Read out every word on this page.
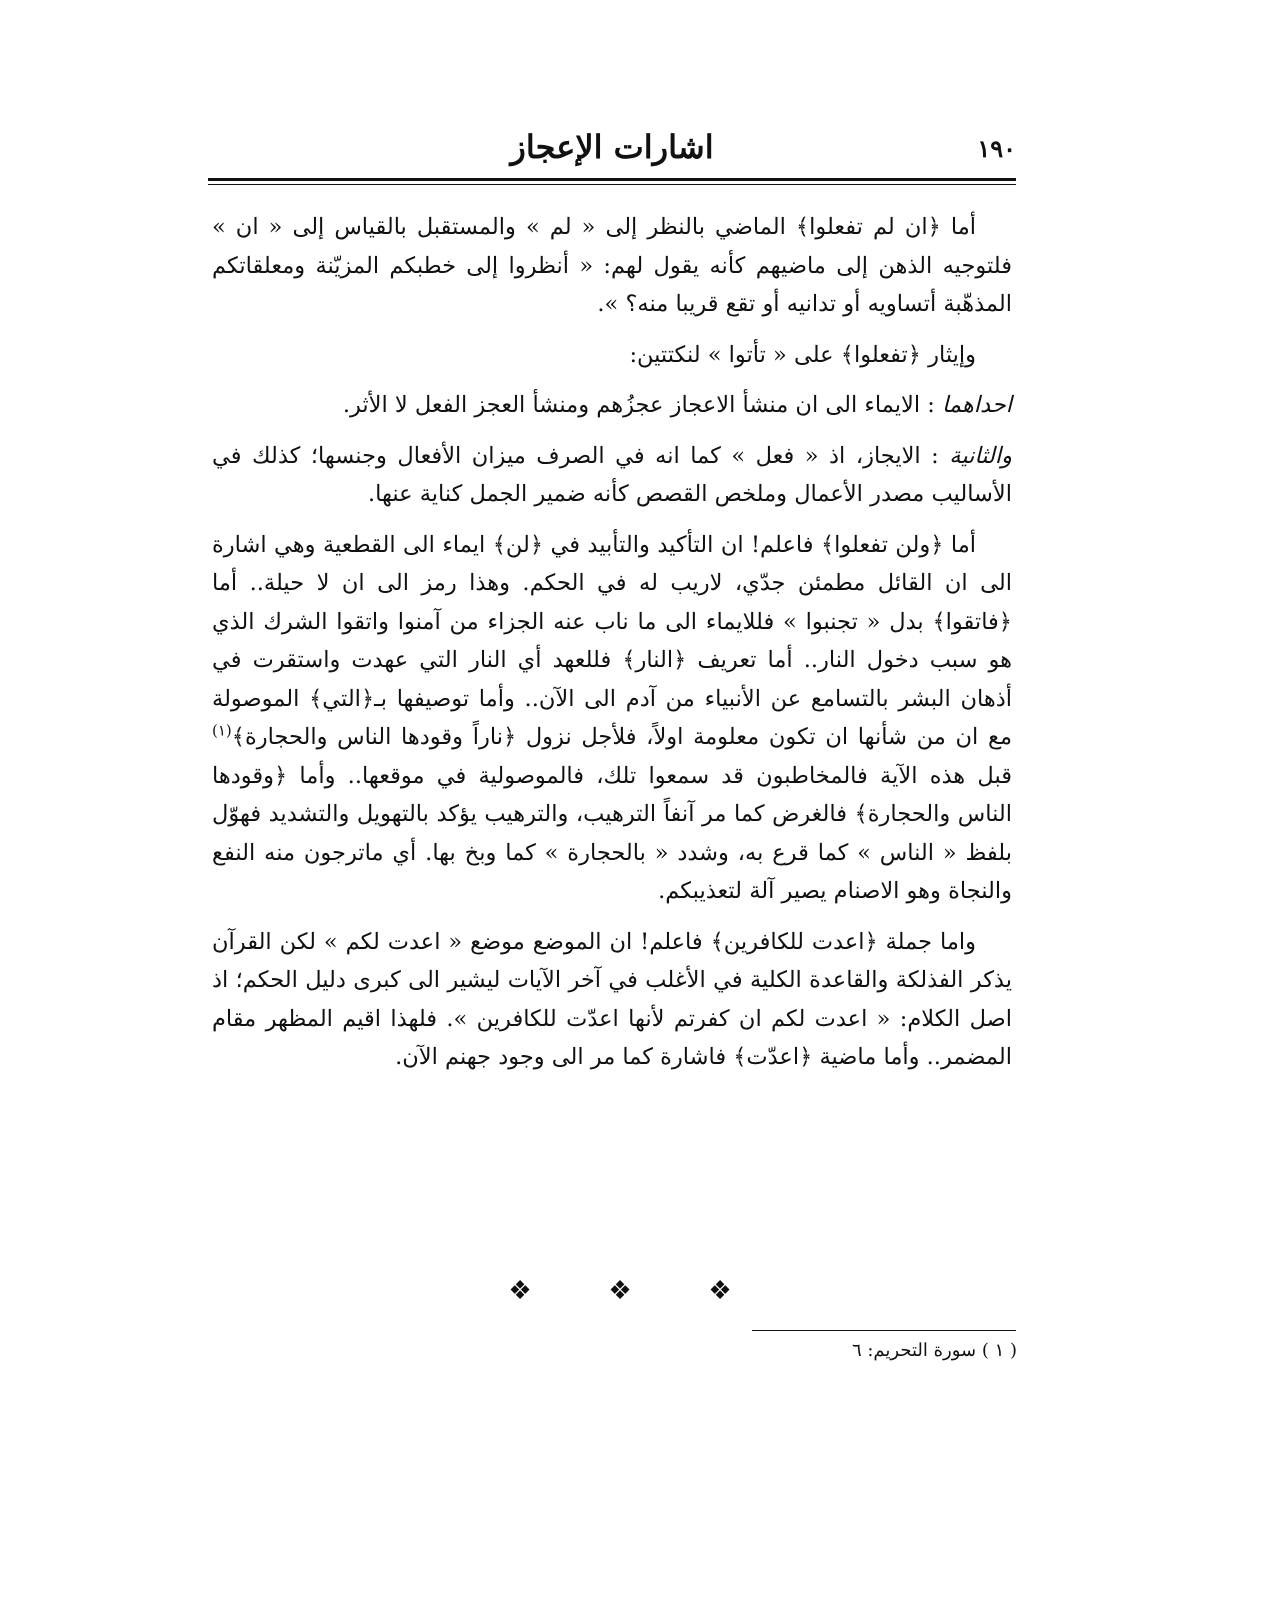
١٩٠
اشارات الإعجاز

أما ﴿ان لم تفعلوا﴾ الماضي بالنظر إلى « لم » والمستقبل بالقياس إلى « ان » فلتوجيه الذهن إلى ماضيهم كأنه يقول لهم: « أنظروا إلى خطبكم المزيّنة ومعلقاتكم المذهّبة أتساويه أو تدانيه أو تقع قريبا منه؟ ».

وإيثار ﴿تفعلوا﴾ على « تأتوا » لنكتتين:

احداهما : الايماء الى ان منشأ الاعجاز عجزُهم ومنشأ العجز الفعل لا الأثر.

والثانية : الايجاز، اذ « فعل » كما انه في الصرف ميزان الأفعال وجنسها؛ كذلك في الأساليب مصدر الأعمال وملخص القصص كأنه ضمير الجمل كناية عنها.

أما ﴿ولن تفعلوا﴾ فاعلم! ان التأكيد والتأبيد في ﴿لن﴾ ايماء الى القطعية وهي اشارة الى ان القائل مطمئن جدّي، لاريب له في الحكم. وهذا رمز الى ان لا حيلة.. أما ﴿فاتقوا﴾ بدل « تجنبوا » فللايماء الى ما ناب عنه الجزاء من آمنوا واتقوا الشرك الذي هو سبب دخول النار.. أما تعريف ﴿النار﴾ فللعهد أي النار التي عهدت واستقرت في أذهان البشر بالتسامع عن الأنبياء من آدم الى الآن.. وأما توصيفها بـ﴿التي﴾ الموصولة مع ان من شأنها ان تكون معلومة اولاً، فلأجل نزول ﴿ناراً وقودها الناس والحجارة﴾$^{(١)}$ قبل هذه الآية فالمخاطبون قد سمعوا تلك، فالموصولية في موقعها.. وأما ﴿وقودها الناس والحجارة﴾ فالغرض كما مر آنفاً الترهيب، والترهيب يؤكد بالتهويل والتشديد فهوّل بلفظ « الناس » كما قرع به، وشدد « بالحجارة » كما وبخ بها. أي ماترجون منه النفع والنجاة وهو الاصنام يصير آلة لتعذيبكم.

واما جملة ﴿اعدت للكافرين﴾ فاعلم! ان الموضع موضع « اعدت لكم » لكن القرآن يذكر الفذلكة والقاعدة الكلية في الأغلب في آخر الآيات ليشير الى كبرى دليل الحكم؛ اذ اصل الكلام: « اعدت لكم ان كفرتم لأنها اعدّت للكافرين ». فلهذا اقيم المظهر مقام المضمر.. وأما ماضية ﴿اعدّت﴾ فاشارة كما مر الى وجود جهنم الآن.

❖	❖	❖
( ١ ) سورة التحريم: ٦
